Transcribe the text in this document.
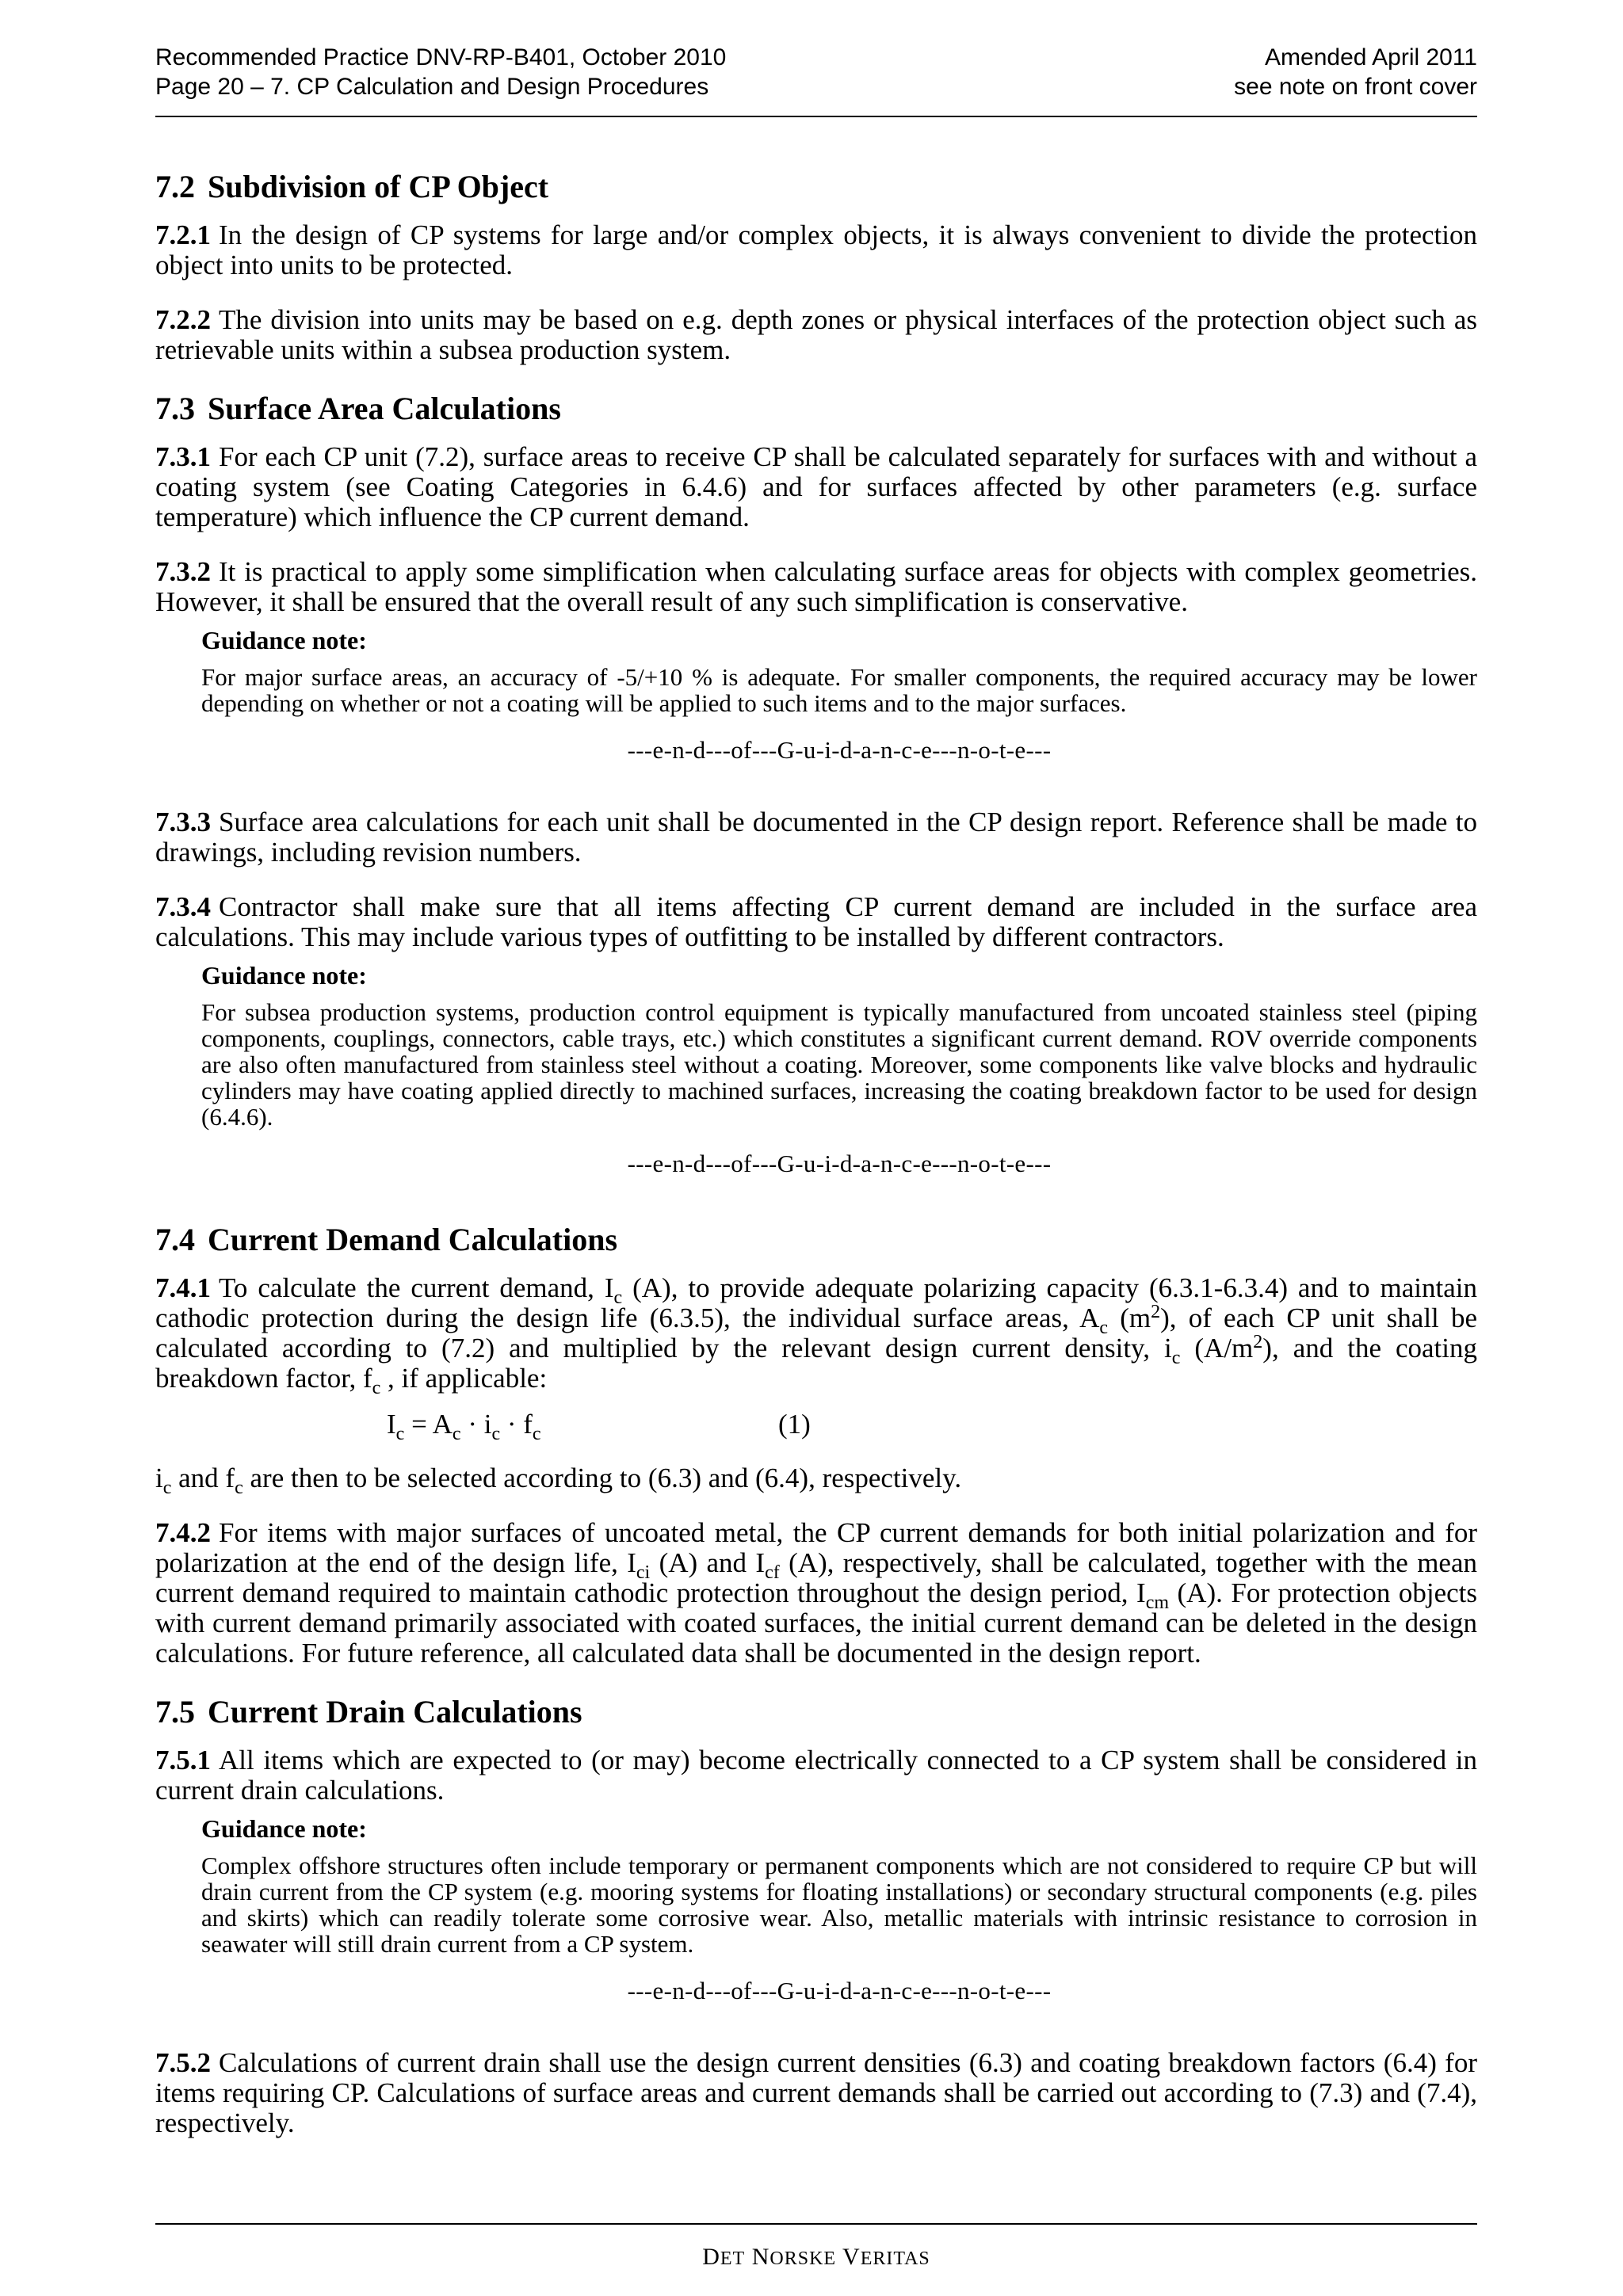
Recommended Practice DNV-RP-B401, October 2010
Page 20 – 7. CP Calculation and Design Procedures
Amended April 2011
see note on front cover
7.2 Subdivision of CP Object

7.2.1 In the design of CP systems for large and/or complex objects, it is always convenient to divide the protection object into units to be protected.

7.2.2 The division into units may be based on e.g. depth zones or physical interfaces of the protection object such as retrievable units within a subsea production system.

7.3 Surface Area Calculations

7.3.1 For each CP unit (7.2), surface areas to receive CP shall be calculated separately for surfaces with and without a coating system (see Coating Categories in 6.4.6) and for surfaces affected by other parameters (e.g. surface temperature) which influence the CP current demand.

7.3.2 It is practical to apply some simplification when calculating surface areas for objects with complex geometries. However, it shall be ensured that the overall result of any such simplification is conservative.

Guidance note:

For major surface areas, an accuracy of -5/+10 % is adequate. For smaller components, the required accuracy may be lower depending on whether or not a coating will be applied to such items and to the major surfaces.

---e-n-d---of---G-u-i-d-a-n-c-e---n-o-t-e---

7.3.3 Surface area calculations for each unit shall be documented in the CP design report. Reference shall be made to drawings, including revision numbers.

7.3.4 Contractor shall make sure that all items affecting CP current demand are included in the surface area calculations. This may include various types of outfitting to be installed by different contractors.

Guidance note:

For subsea production systems, production control equipment is typically manufactured from uncoated stainless steel (piping components, couplings, connectors, cable trays, etc.) which constitutes a significant current demand. ROV override components are also often manufactured from stainless steel without a coating. Moreover, some components like valve blocks and hydraulic cylinders may have coating applied directly to machined surfaces, increasing the coating breakdown factor to be used for design (6.4.6).

---e-n-d---of---G-u-i-d-a-n-c-e---n-o-t-e---
7.4 Current Demand Calculations

7.4.1 To calculate the current demand, $I_c$ (A), to provide adequate polarizing capacity (6.3.1-6.3.4) and to maintain cathodic protection during the design life (6.3.5), the individual surface areas, $A_c$ $(m^2)$, of each CP unit shall be calculated according to (7.2) and multiplied by the relevant design current density, $i_c$ $(A/m^2)$, and the coating breakdown factor, $f_c$ , if applicable:

$I_c = A_c \cdot i_c \cdot f_c$	(1)

$i_c$ and $f_c$ are then to be selected according to (6.3) and (6.4), respectively.

7.4.2 For items with major surfaces of uncoated metal, the CP current demands for both initial polarization and for polarization at the end of the design life, $I_{ci}$ (A) and $I_{cf}$ (A), respectively, shall be calculated, together with the mean current demand required to maintain cathodic protection throughout the design period, $I_{cm}$ (A). For protection objects with current demand primarily associated with coated surfaces, the initial current demand can be deleted in the design calculations. For future reference, all calculated data shall be documented in the design report.

7.5 Current Drain Calculations

7.5.1 All items which are expected to (or may) become electrically connected to a CP system shall be considered in current drain calculations.

Guidance note:

Complex offshore structures often include temporary or permanent components which are not considered to require CP but will drain current from the CP system (e.g. mooring systems for floating installations) or secondary structural components (e.g. piles and skirts) which can readily tolerate some corrosive wear. Also, metallic materials with intrinsic resistance to corrosion in seawater will still drain current from a CP system.

---e-n-d---of---G-u-i-d-a-n-c-e---n-o-t-e---

7.5.2 Calculations of current drain shall use the design current densities (6.3) and coating breakdown factors (6.4) for items requiring CP. Calculations of surface areas and current demands shall be carried out according to (7.3) and (7.4), respectively.

DET NORSKE VERITAS
